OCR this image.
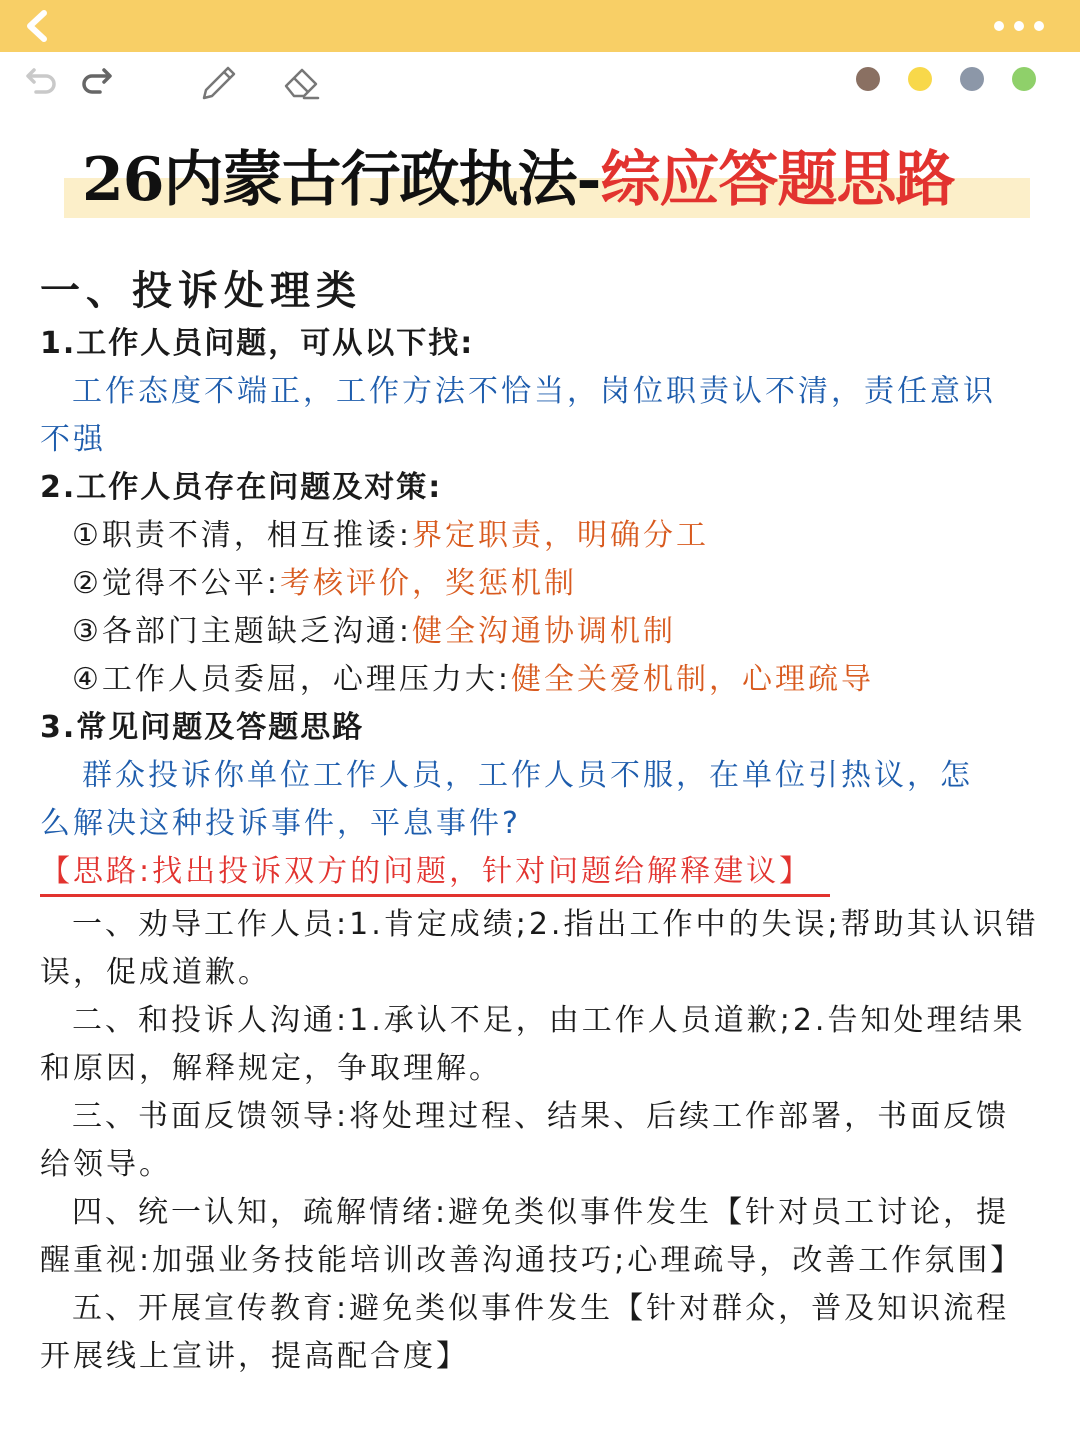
26内蒙古行政执法-综应答题思路
一、投诉处理类
1.工作人员问题，可从以下找:
工作态度不端正，工作方法不恰当，岗位职责认不清，责任意识
不强
2.工作人员存在问题及对策:
①职责不清，相互推诿:界定职责，明确分工
②觉得不公平:考核评价，奖惩机制
③各部门主题缺乏沟通:健全沟通协调机制
④工作人员委屈，心理压力大:健全关爱机制，心理疏导
3.常见问题及答题思路
群众投诉你单位工作人员，工作人员不服，在单位引热议，怎
么解决这种投诉事件，平息事件?
【思路:找出投诉双方的问题，针对问题给解释建议】
一、劝导工作人员:1.肯定成绩;2.指出工作中的失误;帮助其认识错误，促成道歉。
二、和投诉人沟通:1.承认不足，由工作人员道歉;2.告知处理结果和原因，解释规定，争取理解。
三、书面反馈领导:将处理过程、结果、后续工作部署，书面反馈给领导。
四、统一认知，疏解情绪:避免类似事件发生【针对员工讨论，提醒重视:加强业务技能培训改善沟通技巧;心理疏导，改善工作氛围】
五、开展宣传教育:避免类似事件发生【针对群众，普及知识流程开展线上宣讲，提高配合度】
